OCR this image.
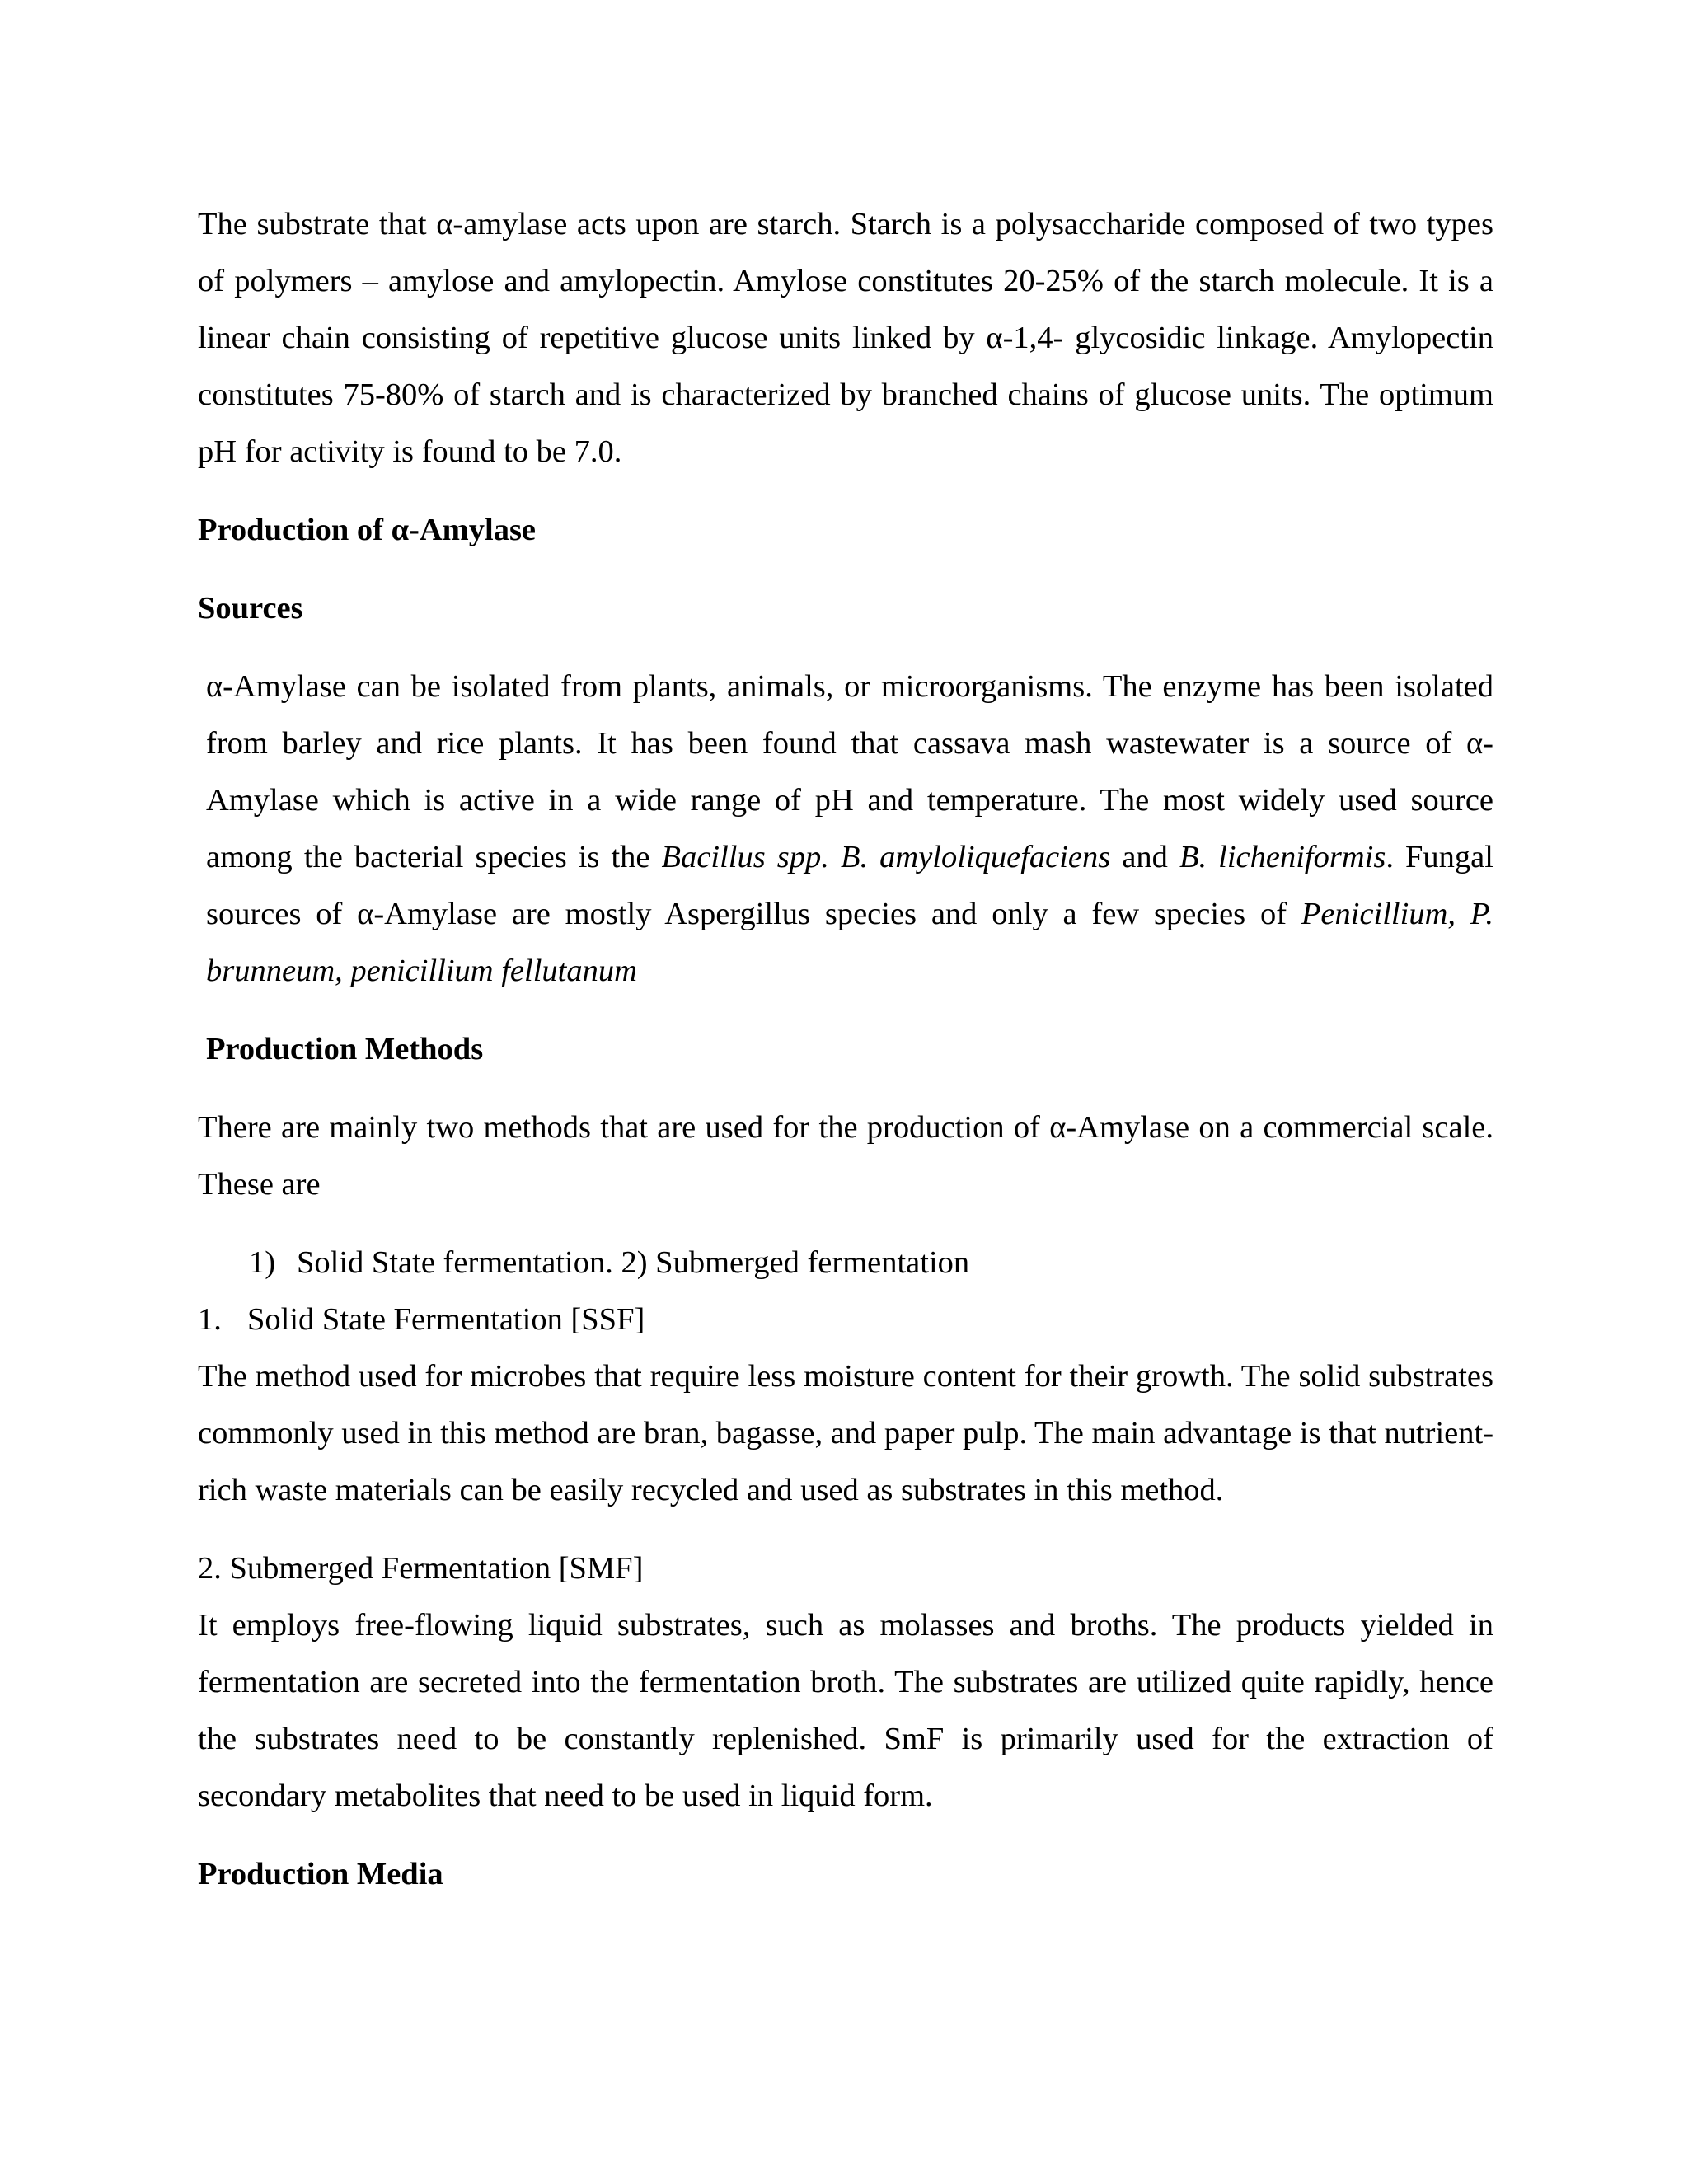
The substrate that α-amylase acts upon are starch. Starch is a polysaccharide composed of two types of polymers – amylose and amylopectin. Amylose constitutes 20-25% of the starch molecule. It is a linear chain consisting of repetitive glucose units linked by α-1,4- glycosidic linkage. Amylopectin constitutes 75-80% of starch and is characterized by branched chains of glucose units. The optimum pH for activity is found to be 7.0.

Production of α-Amylase

Sources

α-Amylase can be isolated from plants, animals, or microorganisms. The enzyme has been isolated from barley and rice plants. It has been found that cassava mash wastewater is a source of α- Amylase which is active in a wide range of pH and temperature. The most widely used source among the bacterial species is the Bacillus spp. B. amyloliquefaciens and B. licheniformis. Fungal sources of α-Amylase are mostly Aspergillus species and only a few species of Penicillium, P. brunneum, penicillium fellutanum

Production Methods

There are mainly two methods that are used for the production of α-Amylase on a commercial scale. These are

1) Solid State fermentation. 2) Submerged fermentation

1. Solid State Fermentation [SSF]

The method used for microbes that require less moisture content for their growth. The solid substrates commonly used in this method are bran, bagasse, and paper pulp. The main advantage is that nutrient-rich waste materials can be easily recycled and used as substrates in this method.

2. Submerged Fermentation [SMF]

It employs free-flowing liquid substrates, such as molasses and broths. The products yielded in fermentation are secreted into the fermentation broth. The substrates are utilized quite rapidly, hence the substrates need to be constantly replenished. SmF is primarily used for the extraction of secondary metabolites that need to be used in liquid form.

Production Media
